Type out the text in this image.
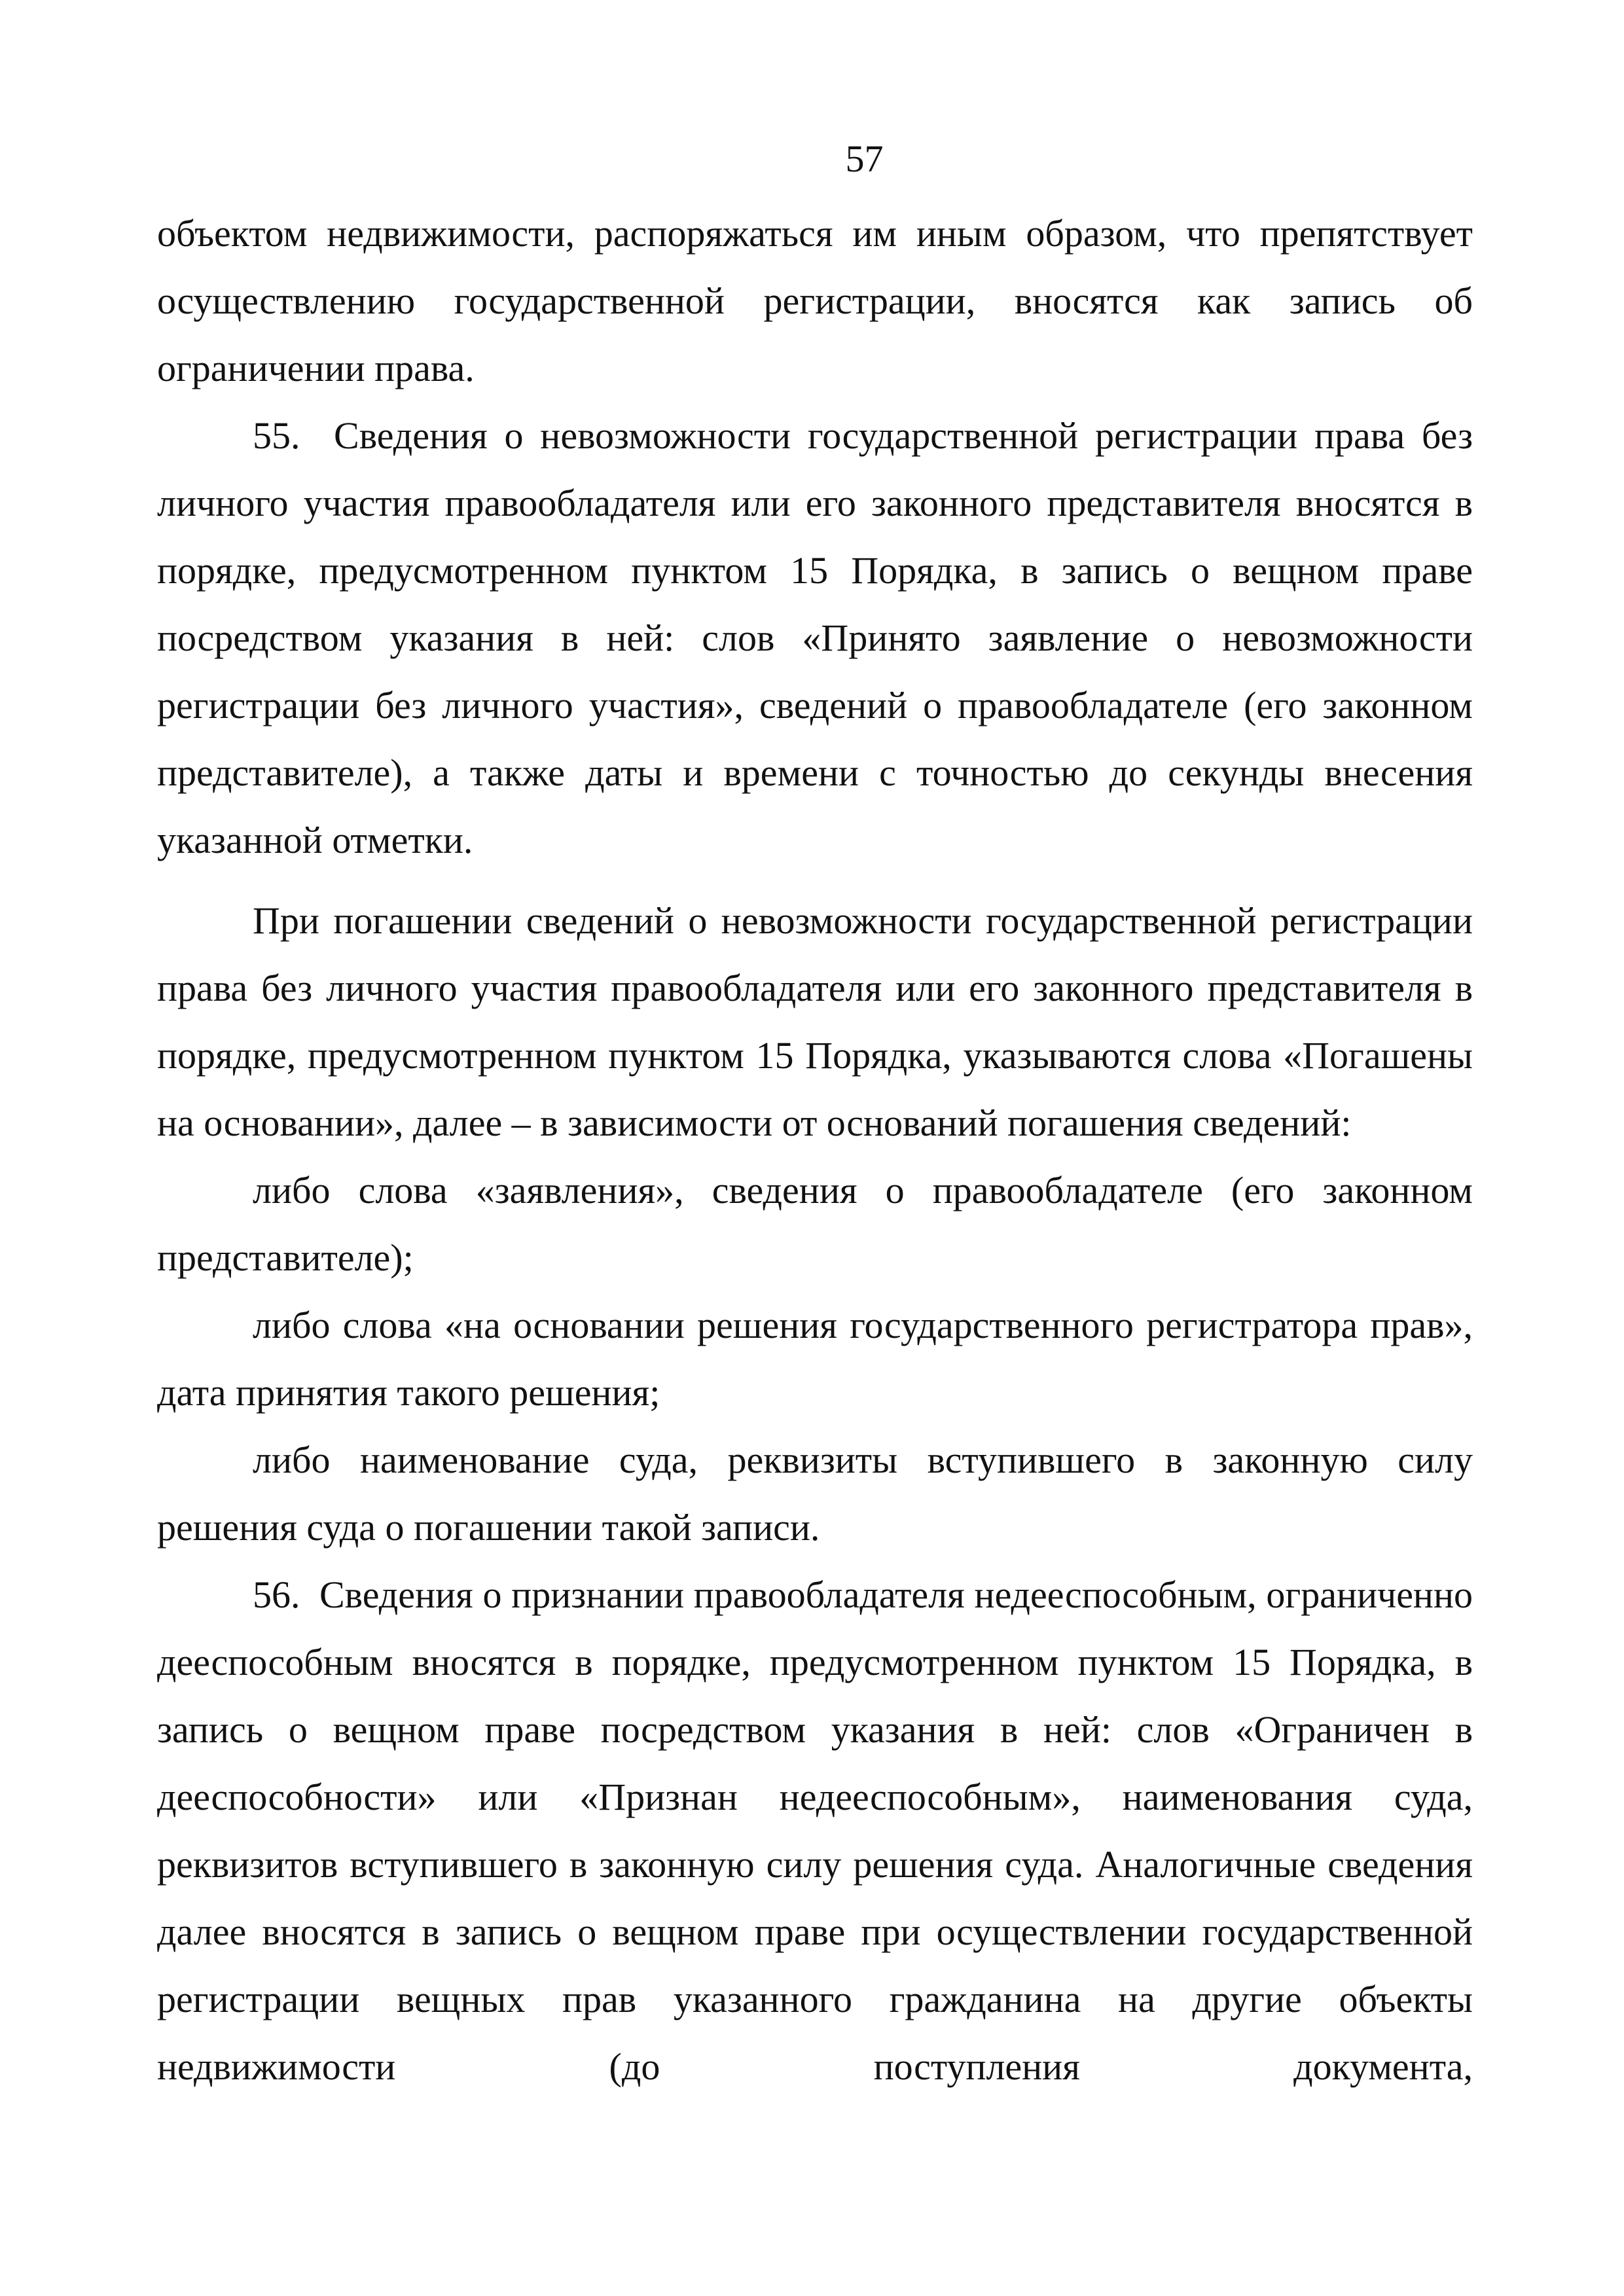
57

объектом недвижимости, распоряжаться им иным образом, что препятствует осуществлению государственной регистрации, вносятся как запись об ограничении права.

55. Сведения о невозможности государственной регистрации права без личного участия правообладателя или его законного представителя вносятся в порядке, предусмотренном пунктом 15 Порядка, в запись о вещном праве посредством указания в ней: слов «Принято заявление о невозможности регистрации без личного участия», сведений о правообладателе (его законном представителе), а также даты и времени с точностью до секунды внесения указанной отметки.

При погашении сведений о невозможности государственной регистрации права без личного участия правообладателя или его законного представителя в порядке, предусмотренном пунктом 15 Порядка, указываются слова «Погашены на основании», далее – в зависимости от оснований погашения сведений:

либо слова «заявления», сведения о правообладателе (его законном представителе);

либо слова «на основании решения государственного регистратора прав», дата принятия такого решения;

либо наименование суда, реквизиты вступившего в законную силу решения суда о погашении такой записи.

56. Сведения о признании правообладателя недееспособным, ограниченно дееспособным вносятся в порядке, предусмотренном пунктом 15 Порядка, в запись о вещном праве посредством указания в ней: слов «Ограничен в дееспособности» или «Признан недееспособным», наименования суда, реквизитов вступившего в законную силу решения суда. Аналогичные сведения далее вносятся в запись о вещном праве при осуществлении государственной регистрации вещных прав указанного гражданина на другие объекты недвижимости (до поступления документа,
